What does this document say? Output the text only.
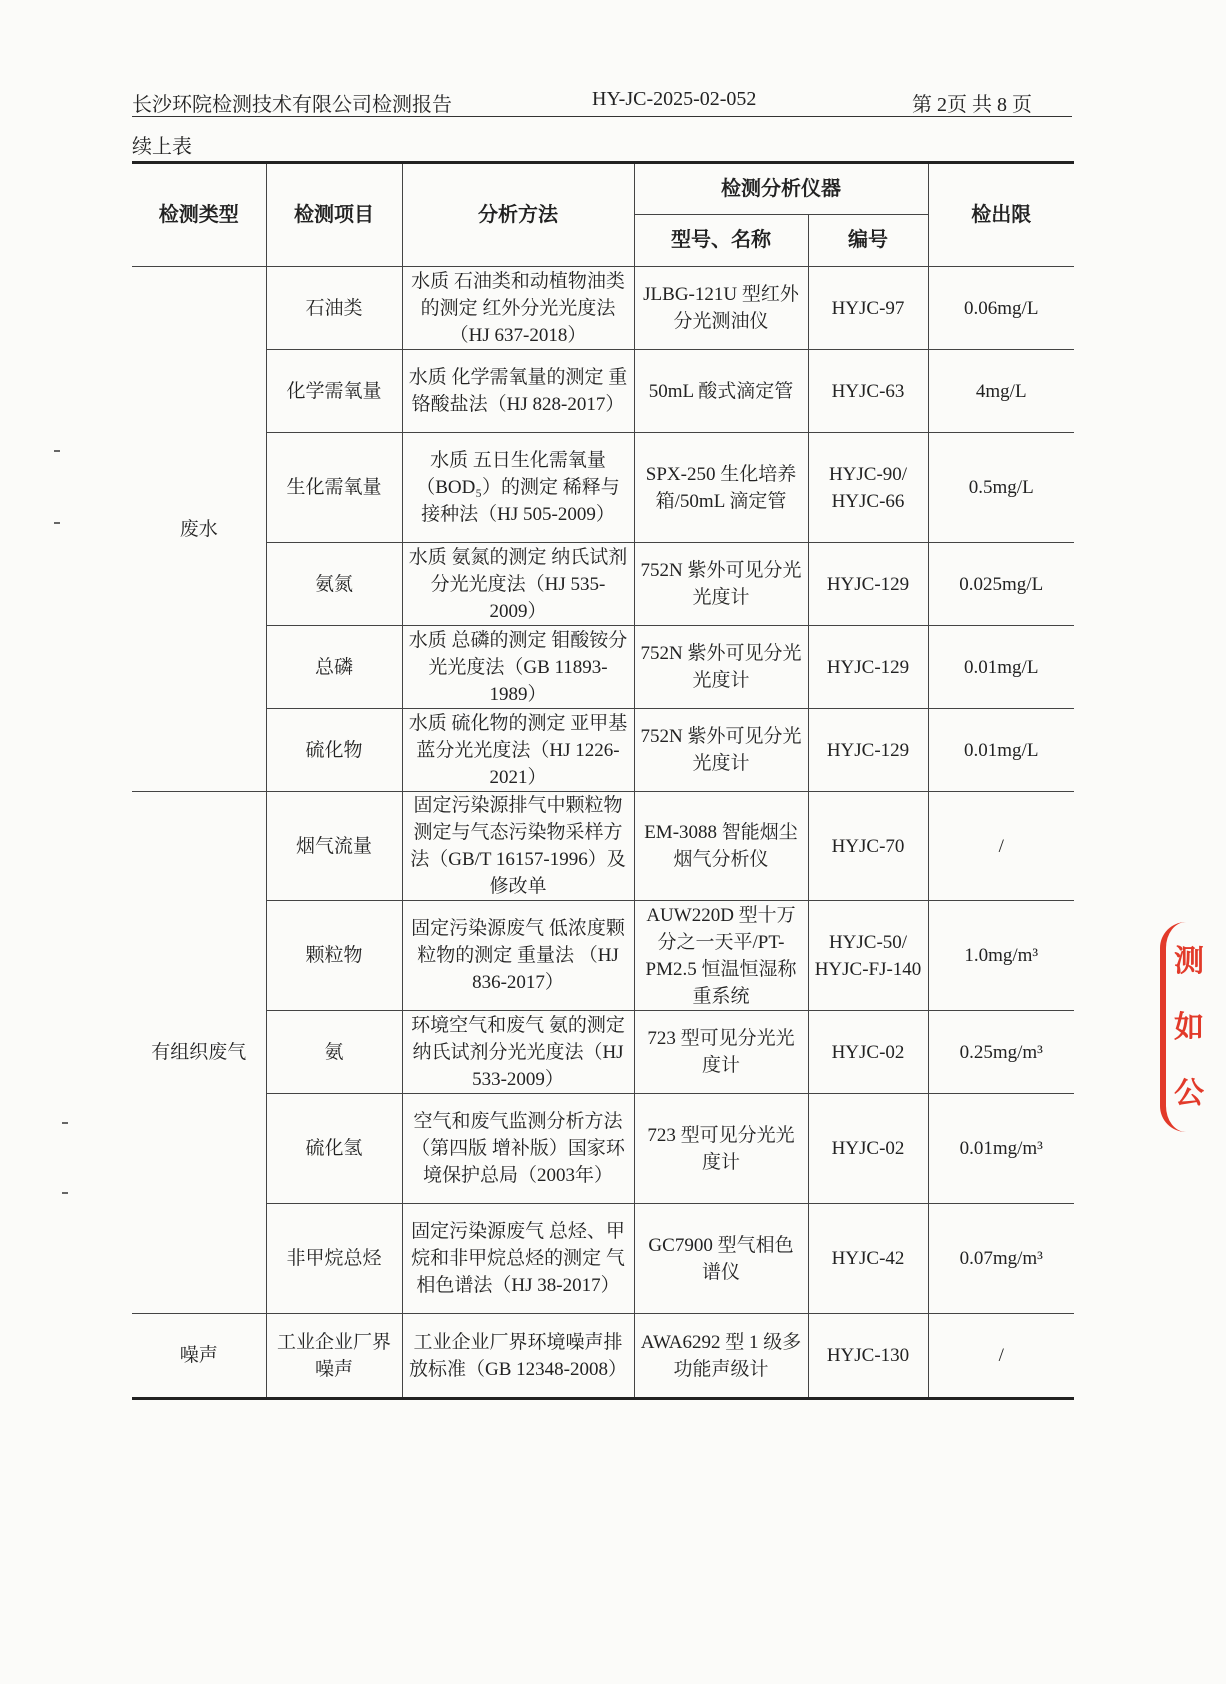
长沙环院检测技术有限公司检测报告	HY-JC-2025-02-052	第 2页 共 8 页
续上表
检测类型	检测项目	分析方法	检测分析仪器		检出限
			型号、名称	编号	
废水	石油类	水质 石油类和动植物油类的测定 红外分光光度法（HJ 637-2018）	JLBG-121U 型红外分光测油仪	HYJC-97	0.06mg/L
	化学需氧量	水质 化学需氧量的测定 重铬酸盐法（HJ 828-2017）	50mL 酸式滴定管	HYJC-63	4mg/L
	生化需氧量	水质 五日生化需氧量（BOD₅）的测定 稀释与接种法（HJ 505-2009）	SPX-250 生化培养箱/50mL 滴定管	HYJC-90/ HYJC-66	0.5mg/L
	氨氮	水质 氨氮的测定 纳氏试剂分光光度法（HJ 535-2009）	752N 紫外可见分光光度计	HYJC-129	0.025mg/L
	总磷	水质 总磷的测定 钼酸铵分光光度法（GB 11893-1989）	752N 紫外可见分光光度计	HYJC-129	0.01mg/L
	硫化物	水质 硫化物的测定 亚甲基蓝分光光度法（HJ 1226-2021）	752N 紫外可见分光光度计	HYJC-129	0.01mg/L
有组织废气	烟气流量	固定污染源排气中颗粒物测定与气态污染物采样方法（GB/T 16157-1996）及修改单	EM-3088 智能烟尘烟气分析仪	HYJC-70	/
	颗粒物	固定污染源废气 低浓度颗粒物的测定 重量法 （HJ 836-2017）	AUW220D 型十万分之一天平/PT-PM2.5 恒温恒湿称重系统	HYJC-50/ HYJC-FJ-140	1.0mg/m³
	氨	环境空气和废气 氨的测定 纳氏试剂分光光度法（HJ 533-2009）	723 型可见分光光度计	HYJC-02	0.25mg/m³
	硫化氢	空气和废气监测分析方法（第四版 增补版）国家环境保护总局（2003年）	723 型可见分光光度计	HYJC-02	0.01mg/m³
	非甲烷总烃	固定污染源废气 总烃、甲烷和非甲烷总烃的测定 气相色谱法（HJ 38-2017）	GC7900 型气相色谱仪	HYJC-42	0.07mg/m³
噪声	工业企业厂界噪声	工业企业厂界环境噪声排放标准（GB 12348-2008）	AWA6292 型 1 级多功能声级计	HYJC-130	/
测
如
公
